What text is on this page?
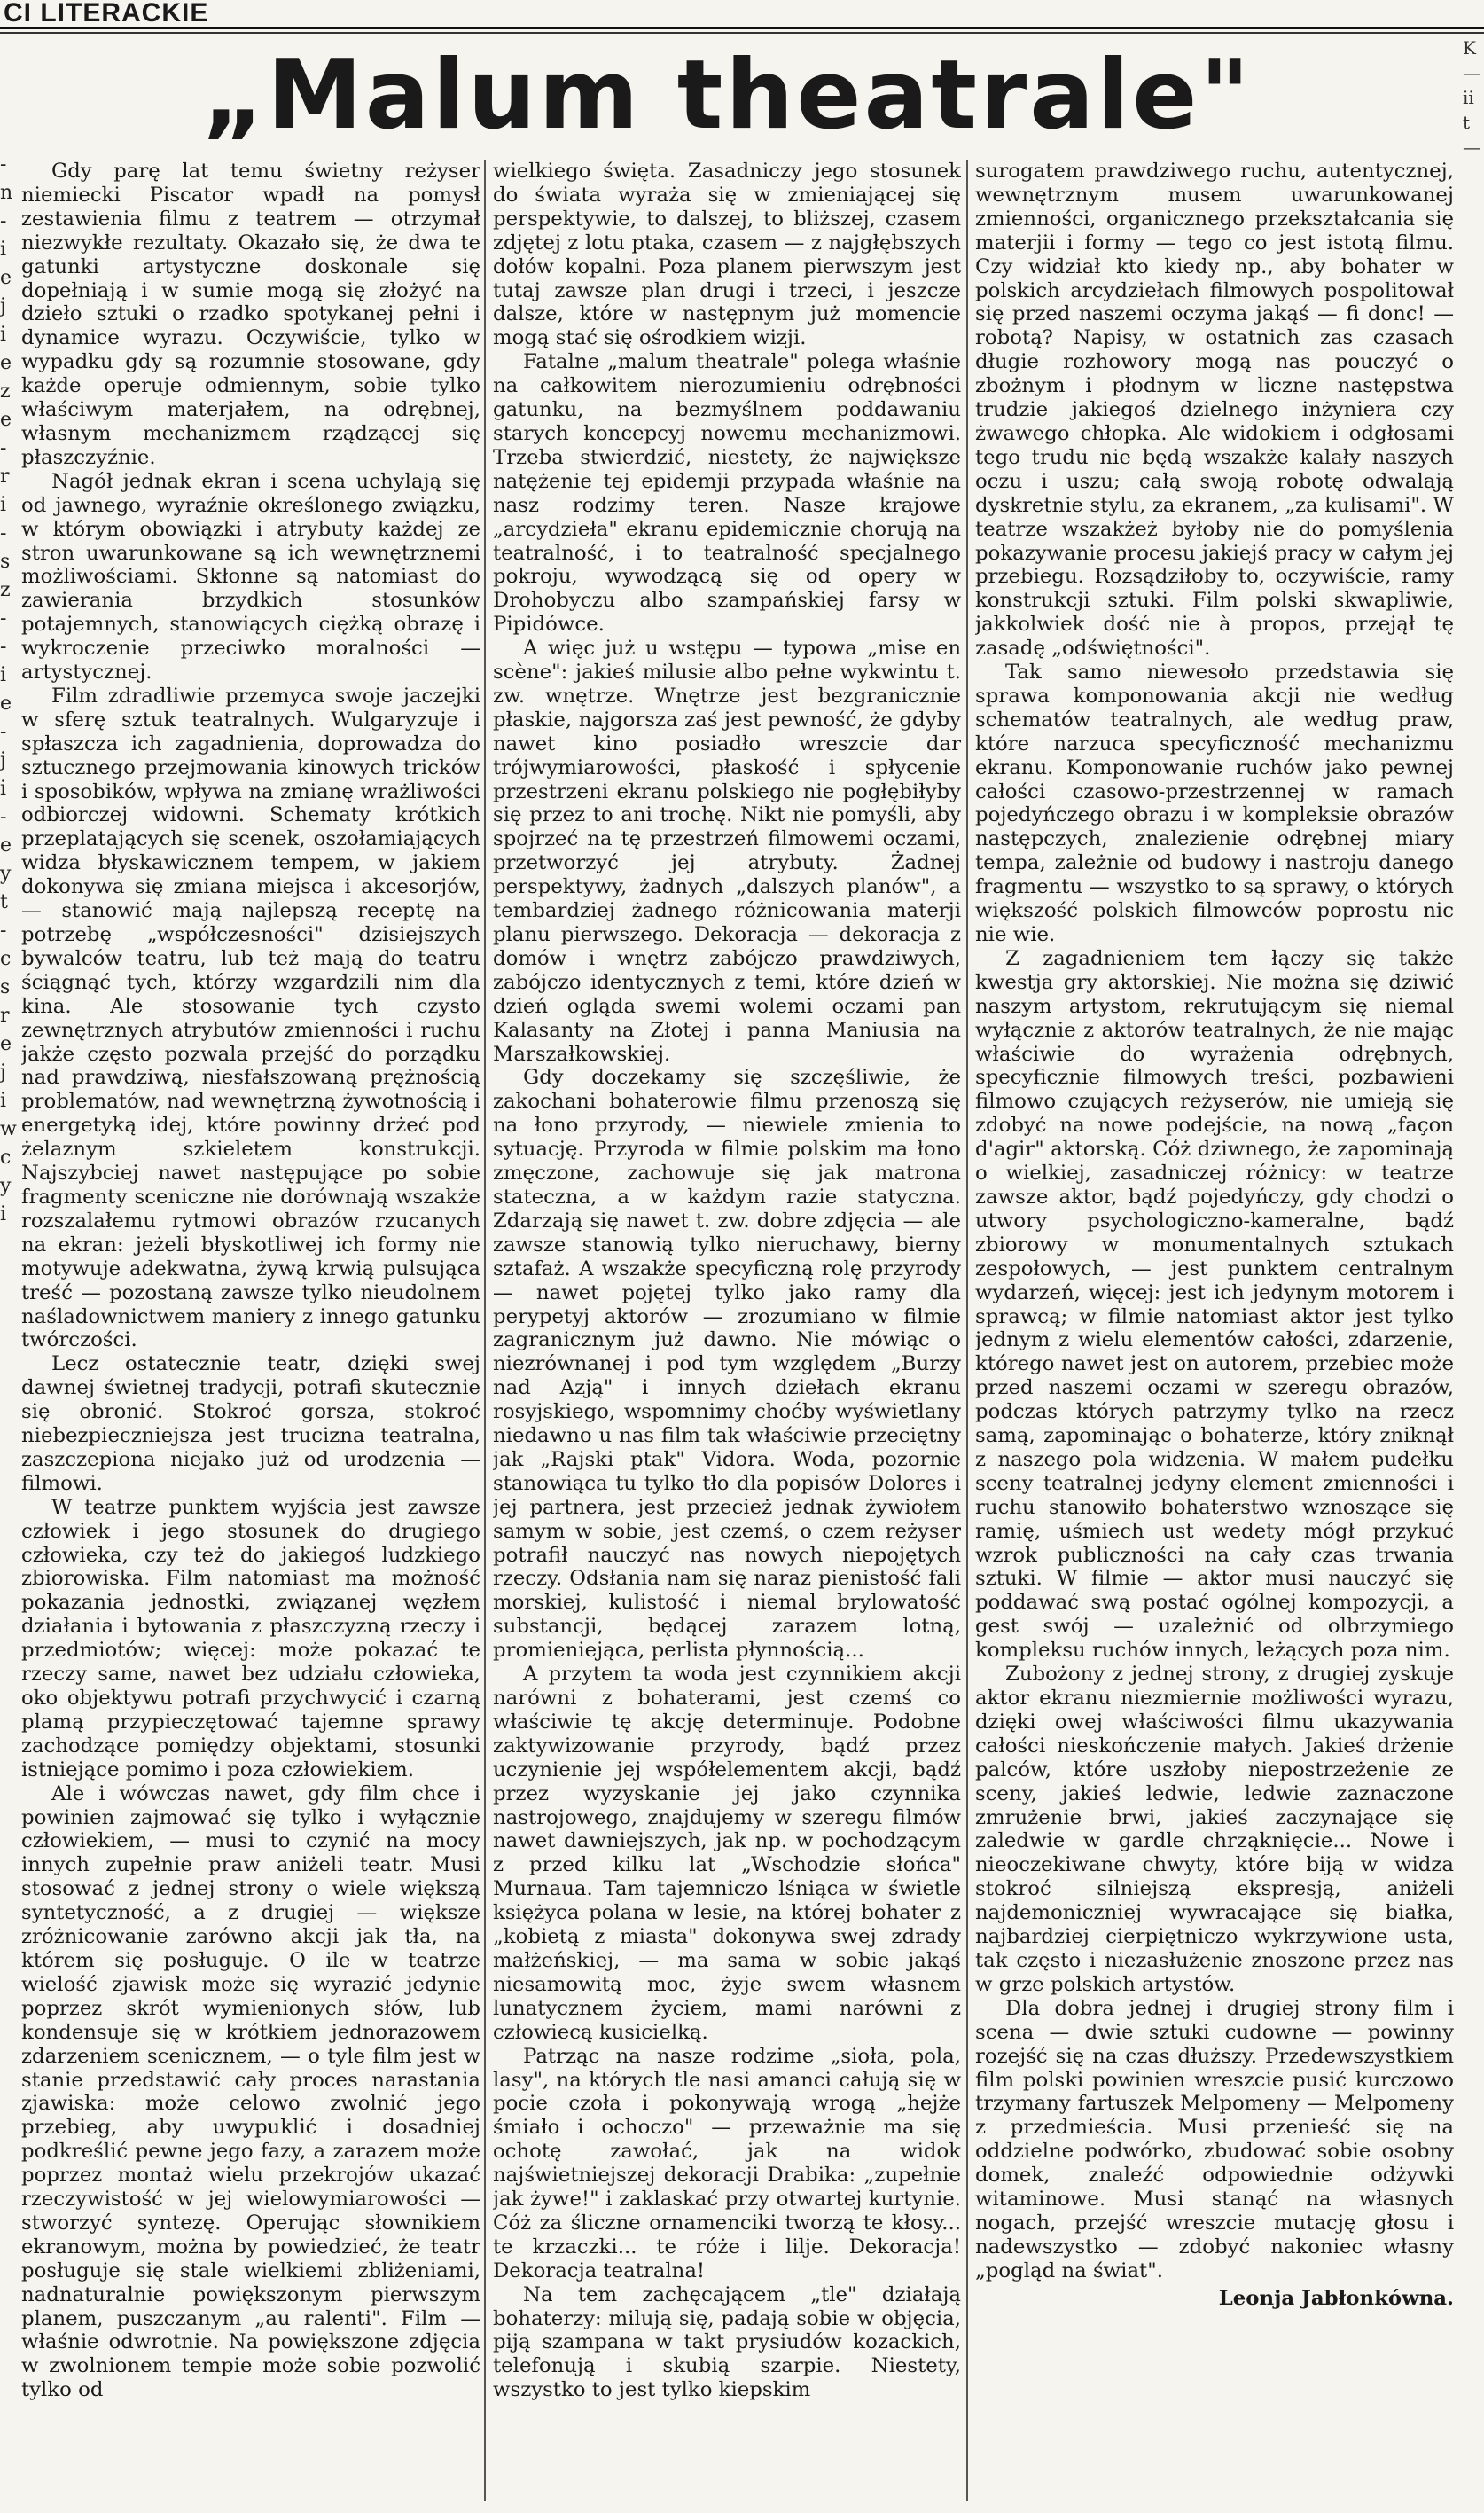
CI LITERACKIE
-
n
-
i
e
j
i
e
z
e
-
r
i
-
s
z
-
-
i
e
-
j
i
-
e
y
t
-
c
s
r
e
j
i
w
c
y
i
K
—
ii
t
—
„Malum theatrale"

Gdy parę lat temu świetny reżyser niemiecki Piscator wpadł na pomysł zestawienia filmu z teatrem — otrzymał niezwykłe rezultaty. Okazało się, że dwa te gatunki artystyczne doskonale się dopełniają i w sumie mogą się złożyć na dzieło sztuki o rzadko spotykanej pełni i dynamice wyrazu. Oczywiście, tylko w wypadku gdy są rozumnie stosowane, gdy każde operuje odmiennym, sobie tylko właściwym materjałem, na odrębnej, własnym mechanizmem rządzącej się płaszczyźnie.

Nagół jednak ekran i scena uchylają się od jawnego, wyraźnie określonego związku, w którym obowiązki i atrybuty każdej ze stron uwarunkowane są ich wewnętrznemi możliwościami. Skłonne są natomiast do zawierania brzydkich stosunków potajemnych, stanowiących ciężką obrazę i wykroczenie przeciwko moralności — artystycznej.

Film zdradliwie przemyca swoje jaczejki w sferę sztuk teatralnych. Wulgaryzuje i spłaszcza ich zagadnienia, doprowadza do sztucznego przejmowania kinowych tricków i sposobików, wpływa na zmianę wrażliwości odbiorczej widowni. Schematy krótkich przeplatających się scenek, oszołamiających widza błyskawicznem tempem, w jakiem dokonywa się zmiana miejsca i akcesorjów, — stanowić mają najlepszą receptę na potrzebę „współczesności" dzisiejszych bywalców teatru, lub też mają do teatru ściągnąć tych, którzy wzgardzili nim dla kina. Ale stosowanie tych czysto zewnętrznych atrybutów zmienności i ruchu jakże często pozwala przejść do porządku nad prawdziwą, niesfałszowaną prężnością problematów, nad wewnętrzną żywotnością i energetyką idej, które powinny drżeć pod żelaznym szkieletem konstrukcji. Najszybciej nawet następujące po sobie fragmenty sceniczne nie dorównają wszakże rozszalałemu rytmowi obrazów rzucanych na ekran: jeżeli błyskotliwej ich formy nie motywuje adekwatna, żywą krwią pulsująca treść — pozostaną zawsze tylko nieudolnem naśladownictwem maniery z innego gatunku twórczości.

Lecz ostatecznie teatr, dzięki swej dawnej świetnej tradycji, potrafi skutecznie się obronić. Stokroć gorsza, stokroć niebezpieczniejsza jest trucizna teatralna, zaszczepiona niejako już od urodzenia — filmowi.

W teatrze punktem wyjścia jest zawsze człowiek i jego stosunek do drugiego człowieka, czy też do jakiegoś ludzkiego zbiorowiska. Film natomiast ma możność pokazania jednostki, związanej węzłem działania i bytowania z płaszczyzną rzeczy i przedmiotów; więcej: może pokazać te rzeczy same, nawet bez udziału człowieka, oko objektywu potrafi przychwycić i czarną plamą przypieczętować tajemne sprawy zachodzące pomiędzy objektami, stosunki istniejące pomimo i poza człowiekiem.

Ale i wówczas nawet, gdy film chce i powinien zajmować się tylko i wyłącznie człowiekiem, — musi to czynić na mocy innych zupełnie praw aniżeli teatr. Musi stosować z jednej strony o wiele większą syntetyczność, a z drugiej — większe zróżnicowanie zarówno akcji jak tła, na którem się posługuje. O ile w teatrze wielość zjawisk może się wyrazić jedynie poprzez skrót wymienionych słów, lub kondensuje się w krótkiem jednorazowem zdarzeniem scenicznem, — o tyle film jest w stanie przedstawić cały proces narastania zjawiska: może celowo zwolnić jego przebieg, aby uwypuklić i dosadniej podkreślić pewne jego fazy, a zarazem może poprzez montaż wielu przekrojów ukazać rzeczywistość w jej wielowymiarowości — stworzyć syntezę. Operując słownikiem ekranowym, można by powiedzieć, że teatr posługuje się stale wielkiemi zbliżeniami, nadnaturalnie powiększonym pierwszym planem, puszczanym „au ralenti". Film — właśnie odwrotnie. Na powiększone zdjęcia w zwolnionem tempie może sobie pozwolić tylko od

wielkiego święta. Zasadniczy jego stosunek do świata wyraża się w zmieniającej się perspektywie, to dalszej, to bliższej, czasem zdjętej z lotu ptaka, czasem — z najgłębszych dołów kopalni. Poza planem pierwszym jest tutaj zawsze plan drugi i trzeci, i jeszcze dalsze, które w następnym już momencie mogą stać się ośrodkiem wizji.

Fatalne „malum theatrale" polega właśnie na całkowitem nierozumieniu odrębności gatunku, na bezmyślnem poddawaniu starych koncepcyj nowemu mechanizmowi. Trzeba stwierdzić, niestety, że największe natężenie tej epidemji przypada właśnie na nasz rodzimy teren. Nasze krajowe „arcydzieła" ekranu epidemicznie chorują na teatralność, i to teatralność specjalnego pokroju, wywodzącą się od opery w Drohobyczu albo szampańskiej farsy w Pipidówce.

A więc już u wstępu — typowa „mise en scène": jakieś milusie albo pełne wykwintu t. zw. wnętrze. Wnętrze jest bezgranicznie płaskie, najgorsza zaś jest pewność, że gdyby nawet kino posiadło wreszcie dar trójwymiarowości, płaskość i spłycenie przestrzeni ekranu polskiego nie pogłębiłyby się przez to ani trochę. Nikt nie pomyśli, aby spojrzeć na tę przestrzeń filmowemi oczami, przetworzyć jej atrybuty. Żadnej perspektywy, żadnych „dalszych planów", a tembardziej żadnego różnicowania materji planu pierwszego. Dekoracja — dekoracja z domów i wnętrz zabójczo prawdziwych, zabójczo identycznych z temi, które dzień w dzień ogląda swemi wolemi oczami pan Kalasanty na Złotej i panna Maniusia na Marszałkowskiej.

Gdy doczekamy się szczęśliwie, że zakochani bohaterowie filmu przenoszą się na łono przyrody, — niewiele zmienia to sytuację. Przyroda w filmie polskim ma łono zmęczone, zachowuje się jak matrona stateczna, a w każdym razie statyczna. Zdarzają się nawet t. zw. dobre zdjęcia — ale zawsze stanowią tylko nieruchawy, bierny sztafaż. A wszakże specyficzną rolę przyrody — nawet pojętej tylko jako ramy dla perypetyj aktorów — zrozumiano w filmie zagranicznym już dawno. Nie mówiąc o niezrównanej i pod tym względem „Burzy nad Azją" i innych dziełach ekranu rosyjskiego, wspomnimy choćby wyświetlany niedawno u nas film tak właściwie przeciętny jak „Rajski ptak" Vidora. Woda, pozornie stanowiąca tu tylko tło dla popisów Dolores i jej partnera, jest przecież jednak żywiołem samym w sobie, jest czemś, o czem reżyser potrafił nauczyć nas nowych niepojętych rzeczy. Odsłania nam się naraz pienistość fali morskiej, kulistość i niemal brylowatość substancji, będącej zarazem lotną, promieniejąca, perlista płynnością...

A przytem ta woda jest czynnikiem akcji narówni z bohaterami, jest czemś co właściwie tę akcję determinuje. Podobne zaktywizowanie przyrody, bądź przez uczynienie jej współelementem akcji, bądź przez wyzyskanie jej jako czynnika nastrojowego, znajdujemy w szeregu filmów nawet dawniejszych, jak np. w pochodzącym z przed kilku lat „Wschodzie słońca" Murnaua. Tam tajemniczo lśniąca w świetle księżyca polana w lesie, na której bohater z „kobietą z miasta" dokonywa swej zdrady małżeńskiej, — ma sama w sobie jakąś niesamowitą moc, żyje swem własnem lunatycznem życiem, mami narówni z człowiecą kusicielką.

Patrząc na nasze rodzime „sioła, pola, lasy", na których tle nasi amanci całują się w pocie czoła i pokonywają wrogą „hejże śmiało i ochoczo" — przeważnie ma się ochotę zawołać, jak na widok najświetniejszej dekoracji Drabika: „zupełnie jak żywe!" i zaklaskać przy otwartej kurtynie. Cóż za śliczne ornamenciki tworzą te kłosy... te krzaczki... te róże i lilje. Dekoracja! Dekoracja teatralna!

Na tem zachęcającem „tle" działają bohaterzy: milują się, padają sobie w objęcia, piją szampana w takt prysiudów kozackich, telefonują i skubią szarpie. Niestety, wszystko to jest tylko kiepskim

surogatem prawdziwego ruchu, autentycznej, wewnętrznym musem uwarunkowanej zmienności, organicznego przekształcania się materjii i formy — tego co jest istotą filmu. Czy widział kto kiedy np., aby bohater w polskich arcydziełach filmowych pospolitował się przed naszemi oczyma jakąś — fi donc! — robotą? Napisy, w ostatnich zas czasach długie rozhowory mogą nas pouczyć o zbożnym i płodnym w liczne następstwa trudzie jakiegoś dzielnego inżyniera czy żwawego chłopka. Ale widokiem i odgłosami tego trudu nie będą wszakże kalały naszych oczu i uszu; całą swoją robotę odwalają dyskretnie stylu, za ekranem, „za kulisami". W teatrze wszakżeż byłoby nie do pomyślenia pokazywanie procesu jakiejś pracy w całym jej przebiegu. Rozsądziłoby to, oczywiście, ramy konstrukcji sztuki. Film polski skwapliwie, jakkolwiek dość nie à propos, przejął tę zasadę „odświętności".

Tak samo niewesoło przedstawia się sprawa komponowania akcji nie według schematów teatralnych, ale według praw, które narzuca specyficzność mechanizmu ekranu. Komponowanie ruchów jako pewnej całości czasowo-przestrzennej w ramach pojedyńczego obrazu i w kompleksie obrazów następczych, znalezienie odrębnej miary tempa, zależnie od budowy i nastroju danego fragmentu — wszystko to są sprawy, o których większość polskich filmowców poprostu nic nie wie.

Z zagadnieniem tem łączy się także kwestja gry aktorskiej. Nie można się dziwić naszym artystom, rekrutującym się niemal wyłącznie z aktorów teatralnych, że nie mając właściwie do wyrażenia odrębnych, specyficznie filmowych treści, pozbawieni filmowo czujących reżyserów, nie umieją się zdobyć na nowe podejście, na nową „façon d'agir" aktorską. Cóż dziwnego, że zapominają o wielkiej, zasadniczej różnicy: w teatrze zawsze aktor, bądź pojedyńczy, gdy chodzi o utwory psychologiczno-kameralne, bądź zbiorowy w monumentalnych sztukach zespołowych, — jest punktem centralnym wydarzeń, więcej: jest ich jedynym motorem i sprawcą; w filmie natomiast aktor jest tylko jednym z wielu elementów całości, zdarzenie, którego nawet jest on autorem, przebiec może przed naszemi oczami w szeregu obrazów, podczas których patrzymy tylko na rzecz samą, zapominając o bohaterze, który zniknął z naszego pola widzenia. W małem pudełku sceny teatralnej jedyny element zmienności i ruchu stanowiło bohaterstwo wznoszące się ramię, uśmiech ust wedety mógł przykuć wzrok publiczności na cały czas trwania sztuki. W filmie — aktor musi nauczyć się poddawać swą postać ogólnej kompozycji, a gest swój — uzależnić od olbrzymiego kompleksu ruchów innych, leżących poza nim.

Zubożony z jednej strony, z drugiej zyskuje aktor ekranu niezmiernie możliwości wyrazu, dzięki owej właściwości filmu ukazywania całości nieskończenie małych. Jakieś drżenie palców, które uszłoby niepostrzeżenie ze sceny, jakieś ledwie, ledwie zaznaczone zmrużenie brwi, jakieś zaczynające się zaledwie w gardle chrząknięcie... Nowe i nieoczekiwane chwyty, które biją w widza stokroć silniejszą ekspresją, aniżeli najdemoniczniej wywracające się białka, najbardziej cierpiętniczo wykrzywione usta, tak często i niezasłużenie znoszone przez nas w grze polskich artystów.

Dla dobra jednej i drugiej strony film i scena — dwie sztuki cudowne — powinny rozejść się na czas dłuższy. Przedewszystkiem film polski powinien wreszcie pusić kurczowo trzymany fartuszek Melpomeny — Melpomeny z przedmieścia. Musi przenieść się na oddzielne podwórko, zbudować sobie osobny domek, znaleźć odpowiednie odżywki witaminowe. Musi stanąć na własnych nogach, przejść wreszcie mutację głosu i nadewszystko — zdobyć nakoniec własny „pogląd na świat".

Leonja Jabłonkówna.
